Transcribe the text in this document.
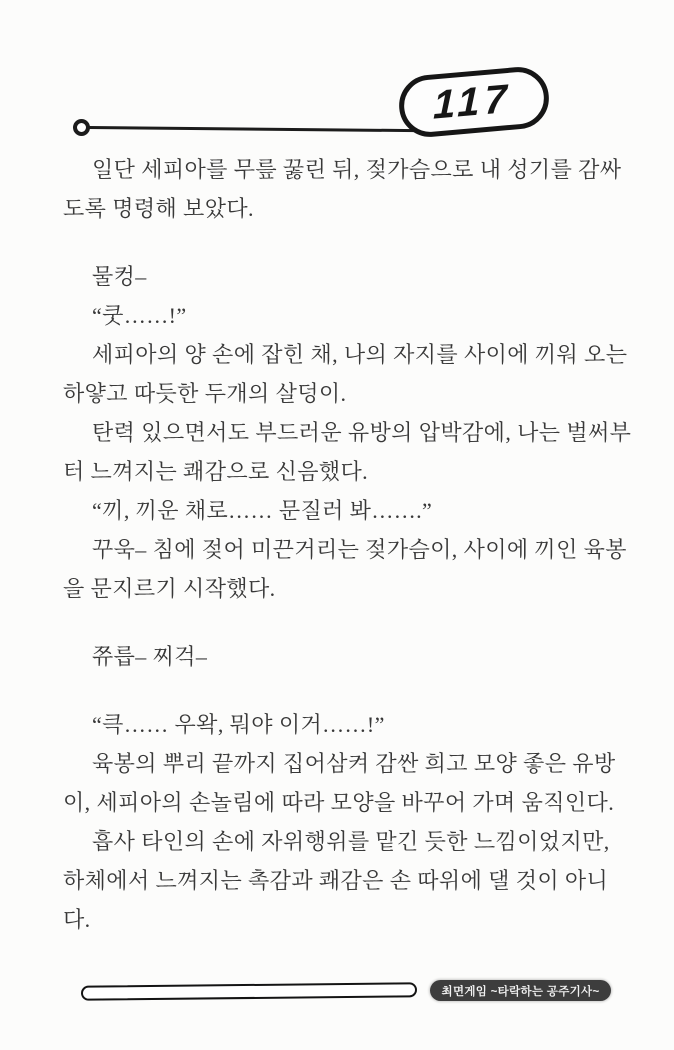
117
일단 세피아를 무릎 꿇린 뒤, 젖가슴으로 내 성기를 감싸
도록 명령해 보았다.
물컹–
“쿳……!”
세피아의 양 손에 잡힌 채, 나의 자지를 사이에 끼워 오는
하얗고 따듯한 두개의 살덩이.
탄력 있으면서도 부드러운 유방의 압박감에, 나는 벌써부
터 느껴지는 쾌감으로 신음했다.
“끼, 끼운 채로…… 문질러 봐…….”
꾸욱– 침에 젖어 미끈거리는 젖가슴이, 사이에 끼인 육봉
을 문지르기 시작했다.
쮸릅– 찌걱–
“큭…… 우왁, 뭐야 이거……!”
육봉의 뿌리 끝까지 집어삼켜 감싼 희고 모양 좋은 유방
이, 세피아의 손놀림에 따라 모양을 바꾸어 가며 움직인다.
흡사 타인의 손에 자위행위를 맡긴 듯한 느낌이었지만,
하체에서 느껴지는 촉감과 쾌감은 손 따위에 댈 것이 아니
다.
최면게임 ~타락하는 공주기사~
